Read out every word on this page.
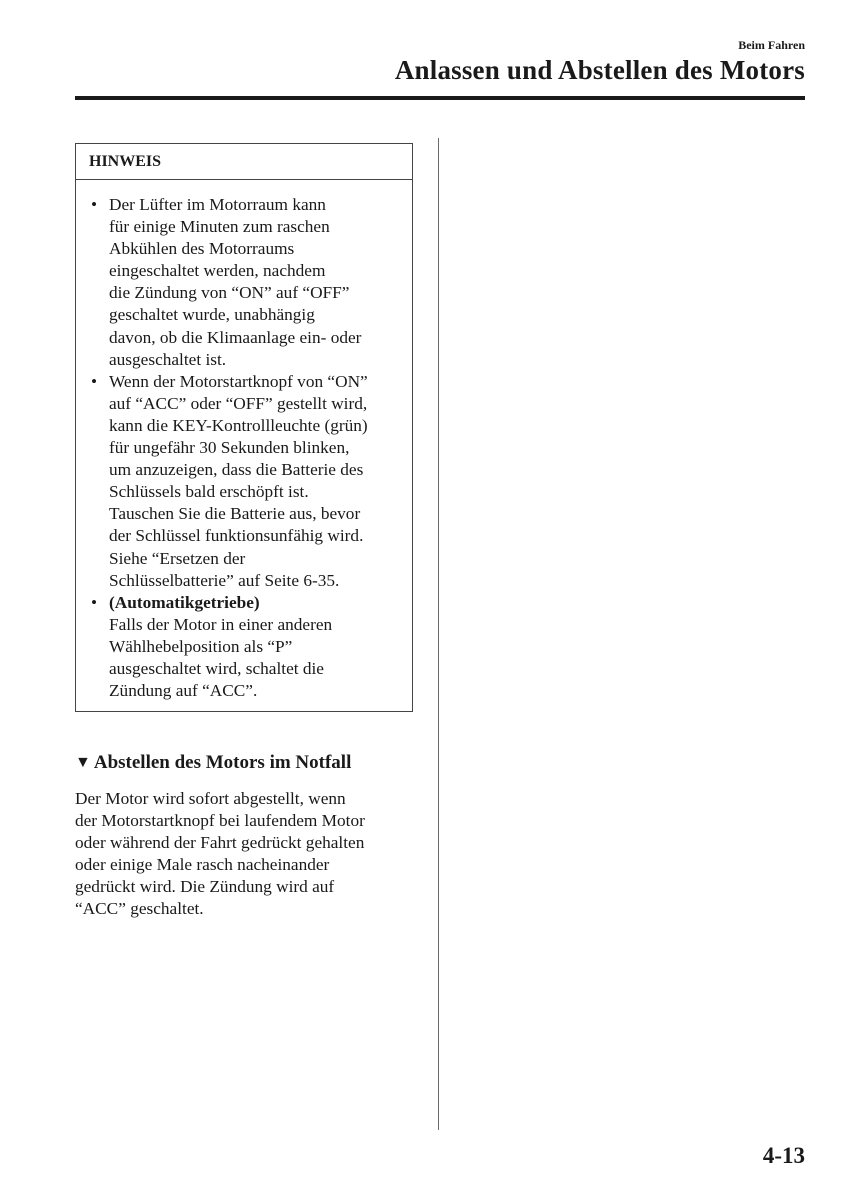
Beim Fahren
Anlassen und Abstellen des Motors
HINWEIS
• Der Lüfter im Motorraum kann
für einige Minuten zum raschen
Abkühlen des Motorraums
eingeschaltet werden, nachdem
die Zündung von “ON” auf “OFF”
geschaltet wurde, unabhängig
davon, ob die Klimaanlage ein- oder
ausgeschaltet ist.
• Wenn der Motorstartknopf von “ON”
auf “ACC” oder “OFF” gestellt wird,
kann die KEY-Kontrollleuchte (grün)
für ungefähr 30 Sekunden blinken,
um anzuzeigen, dass die Batterie des
Schlüssels bald erschöpft ist.
Tauschen Sie die Batterie aus, bevor
der Schlüssel funktionsunfähig wird.
Siehe “Ersetzen der
Schlüsselbatterie” auf Seite 6-35.
• (Automatikgetriebe)
Falls der Motor in einer anderen
Wählhebelposition als “P”
ausgeschaltet wird, schaltet die
Zündung auf “ACC”.
▼ Abstellen des Motors im Notfall
Der Motor wird sofort abgestellt, wenn
der Motorstartknopf bei laufendem Motor
oder während der Fahrt gedrückt gehalten
oder einige Male rasch nacheinander
gedrückt wird. Die Zündung wird auf
“ACC” geschaltet.
4-13
